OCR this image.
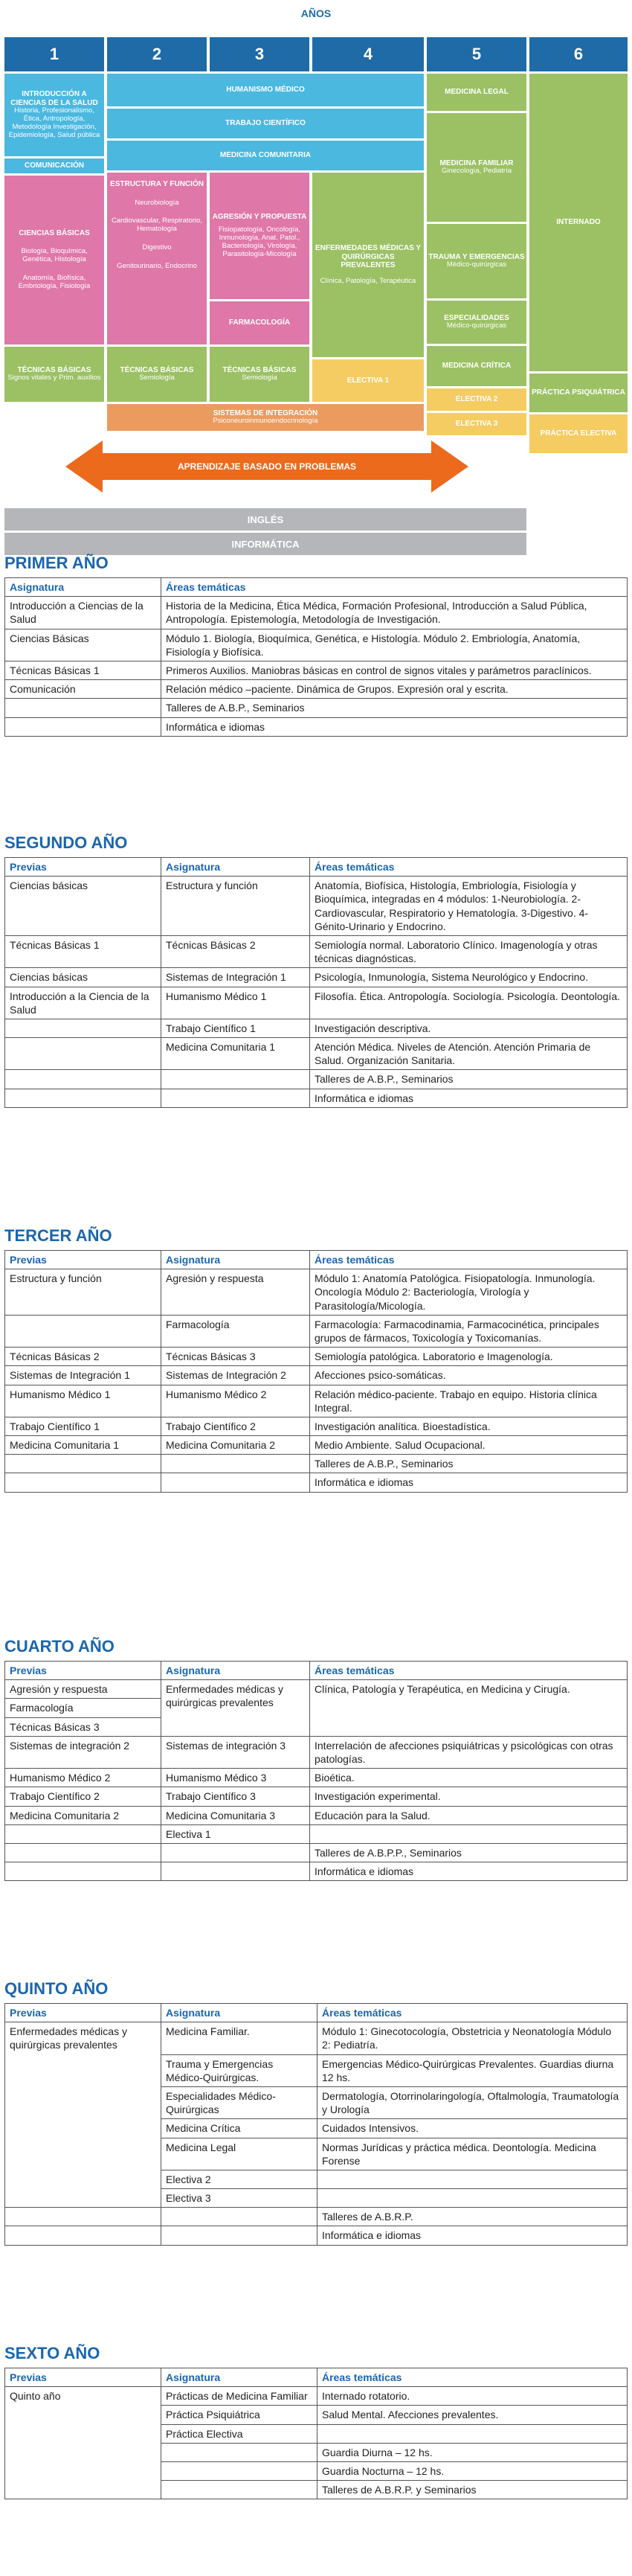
AÑOS
1	2	3	4	5	6
INTRODUCCIÓN A CIENCIAS DE LA SALUD
Historia, Profesionalismo, Ética, Antropología, Metodología Investigación, Epidemiología, Salud pública
COMUNICACIÓN
CIENCIAS BÁSICAS
Biología, Bioquímica, Genética, Histología
Anatomía, Biofísica, Embriología, Fisiología
TÉCNICAS BÁSICAS
Signos vitales y Prim. auxilios
HUMANISMO MÉDICO
TRABAJO CIENTÍFICO
MEDICINA COMUNITARIA
ESTRUCTURA Y FUNCIÓN
Neurobiología
Cardiovascular, Respiratorio, Hematología
Digestivo
Genitourinario, Endocrino
TÉCNICAS BÁSICAS
Semiología
AGRESIÓN Y PROPUESTA
Fisiopatología, Oncología, Inmunología, Anat. Patol., Bacteriología, Virología, Parasitología-Micología
FARMACOLOGÍA
TÉCNICAS BÁSICAS
Semiología
ENFERMEDADES MÉDICAS Y QUIRÚRGICAS PREVALENTES
Clínica, Patología, Terapéutica
ELECTIVA 1
MEDICINA LEGAL
MEDICINA FAMILIAR
Ginecología, Pediatría
TRAUMA Y EMERGENCIAS
Médico-quirúrgicas
ESPECIALIDADES
Médico-quirúrgicas
MEDICINA CRÍTICA
ELECTIVA 2
ELECTIVA 3
INTERNADO
PRÁCTICA PSIQUIÁTRICA
PRÁCTICA ELECTIVA
SISTEMAS DE INTEGRACIÓN
Psiconeuroinmunoendocrinología
APRENDIZAJE BASADO EN PROBLEMAS
INGLÉS
INFORMÁTICA
PRIMER AÑO
Asignatura	Áreas temáticas
Introducción a Ciencias de la Salud	Historia de la Medicina, Ética Médica, Formación Profesional, Introducción a Salud Pública, Antropología. Epistemología, Metodología de Investigación.
Ciencias Básicas	Módulo 1. Biología, Bioquímica, Genética, e Histología. Módulo 2. Embriología, Anatomía, Fisiología y Biofísica.
Técnicas Básicas 1	Primeros Auxilios. Maniobras básicas en control de signos vitales y parámetros paraclínicos.
Comunicación	Relación médico –paciente. Dinámica de Grupos. Expresión oral y escrita.
	Talleres de A.B.P., Seminarios
	Informática e idiomas
SEGUNDO AÑO
Previas	Asignatura	Áreas temáticas
Ciencias básicas	Estructura y función	Anatomía, Biofísica, Histología, Embriología, Fisiología y Bioquímica, integradas en 4 módulos: 1-Neurobiología. 2-Cardiovascular, Respiratorio y Hematología. 3-Digestivo. 4- Génito-Urinario y Endocrino.
Técnicas Básicas 1	Técnicas Básicas 2	Semiología normal. Laboratorio Clínico. Imagenología y otras técnicas diagnósticas.
Ciencias básicas	Sistemas de Integración 1	Psicología, Inmunología, Sistema Neurológico y Endocrino.
Introducción a la Ciencia de la Salud	Humanismo Médico 1	Filosofía. Ética. Antropología. Sociología. Psicología. Deontología.
	Trabajo Científico 1	Investigación descriptiva.
	Medicina Comunitaria 1	Atención Médica. Niveles de Atención. Atención Primaria de Salud. Organización Sanitaria.
		Talleres de A.B.P., Seminarios
		Informática e idiomas
TERCER AÑO
Previas	Asignatura	Áreas temáticas
Estructura y función	Agresión y respuesta	Módulo 1: Anatomía Patológica. Fisiopatología. Inmunología. Oncología Módulo 2: Bacteriología, Virología y Parasitología/Micología.
	Farmacología	Farmacología: Farmacodinamia, Farmacocinética, principales grupos de fármacos, Toxicología y Toxicomanías.
Técnicas Básicas 2	Técnicas Básicas 3	Semiología patológica. Laboratorio e Imagenología.
Sistemas de Integración 1	Sistemas de Integración 2	Afecciones psico-somáticas.
Humanismo Médico 1	Humanismo Médico 2	Relación médico-paciente. Trabajo en equipo. Historia clínica Integral.
Trabajo Científico 1	Trabajo Científico 2	Investigación analítica. Bioestadística.
Medicina Comunitaria 1	Medicina Comunitaria 2	Medio Ambiente. Salud Ocupacional.
		Talleres de A.B.P., Seminarios
		Informática e idiomas
CUARTO AÑO
Previas	Asignatura	Áreas temáticas
Agresión y respuesta	Enfermedades médicas y quirúrgicas prevalentes	Clínica, Patología y Terapéutica, en Medicina y Cirugía.
Farmacología		
Técnicas Básicas 3		
Sistemas de integración 2	Sistemas de integración 3	Interrelación de afecciones psiquiátricas y psicológicas con otras patologías.
Humanismo Médico 2	Humanismo Médico 3	Bioética.
Trabajo Científico 2	Trabajo Científico 3	Investigación experimental.
Medicina Comunitaria 2	Medicina Comunitaria 3	Educación para la Salud.
	Electiva 1	
		Talleres de A.B.P.P., Seminarios
		Informática e idiomas
QUINTO AÑO
Previas	Asignatura	Áreas temáticas
Enfermedades médicas y quirúrgicas prevalentes	Medicina Familiar.	Módulo 1: Ginecotocología, Obstetricia y Neonatología Módulo 2: Pediatría.
	Trauma y Emergencias Médico-Quirúrgicas.	Emergencias Médico-Quirúrgicas Prevalentes. Guardias diurna 12 hs.
	Especialidades Médico-Quirúrgicas	Dermatología, Otorrinolaringología, Oftalmología, Traumatología y Urología
	Medicina Crítica	Cuidados Intensivos.
	Medicina Legal	Normas Jurídicas y práctica médica. Deontología. Medicina Forense
	Electiva 2	
	Electiva 3	
		Talleres de A.B.R.P.
		Informática e idiomas
SEXTO AÑO
Previas	Asignatura	Áreas temáticas
Quinto año	Prácticas de Medicina Familiar	Internado rotatorio.
	Práctica Psiquiátrica	Salud Mental. Afecciones prevalentes.
	Práctica Electiva	
		Guardia Diurna – 12 hs.
		Guardia Nocturna – 12 hs.
		Talleres de A.B.R.P. y Seminarios
